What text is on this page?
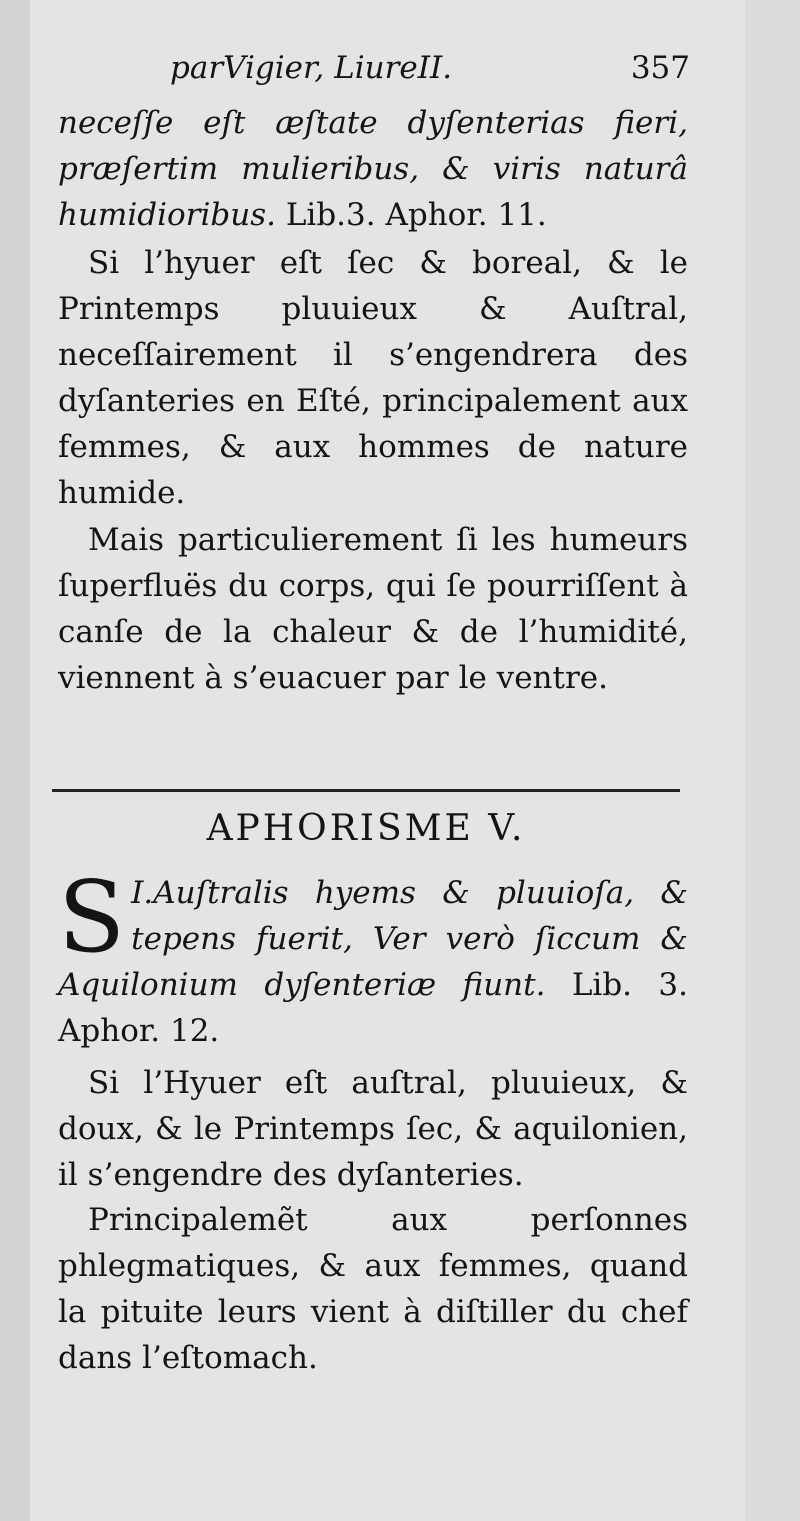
parVigier, LiureII.	357

neceſſe eſt æſtate dyſenterias fieri, præſertim mulieribus, & viris naturâ humidioribus. Lib.3. Aphor. 11.

Si l’hyuer eſt ſec & boreal, & le Printemps pluuieux & Auſtral, neceſſairement il s’engendrera des dyſanteries en Eſté, principalement aux femmes, & aux hommes de nature humide.

Mais particulierement ſi les humeurs ſuperfluës du corps, qui ſe pourriſſent à canſe de la chaleur & de l’humidité, viennent à s’euacuer par le ventre.

APHORISME V.

S I.Auſtralis hyems & pluuioſa, & tepens fuerit, Ver verò ſiccum & Aquilonium dyſenteriæ fiunt. Lib. 3. Aphor. 12.

Si l’Hyuer eſt auſtral, pluuieux, & doux, & le Printemps ſec, & aquilonien, il s’engendre des dyſanteries.

Principalemẽt aux perſonnes phlegmatiques, & aux femmes, quand la pituite leurs vient à diſtiller du chef dans l’eſtomach.
